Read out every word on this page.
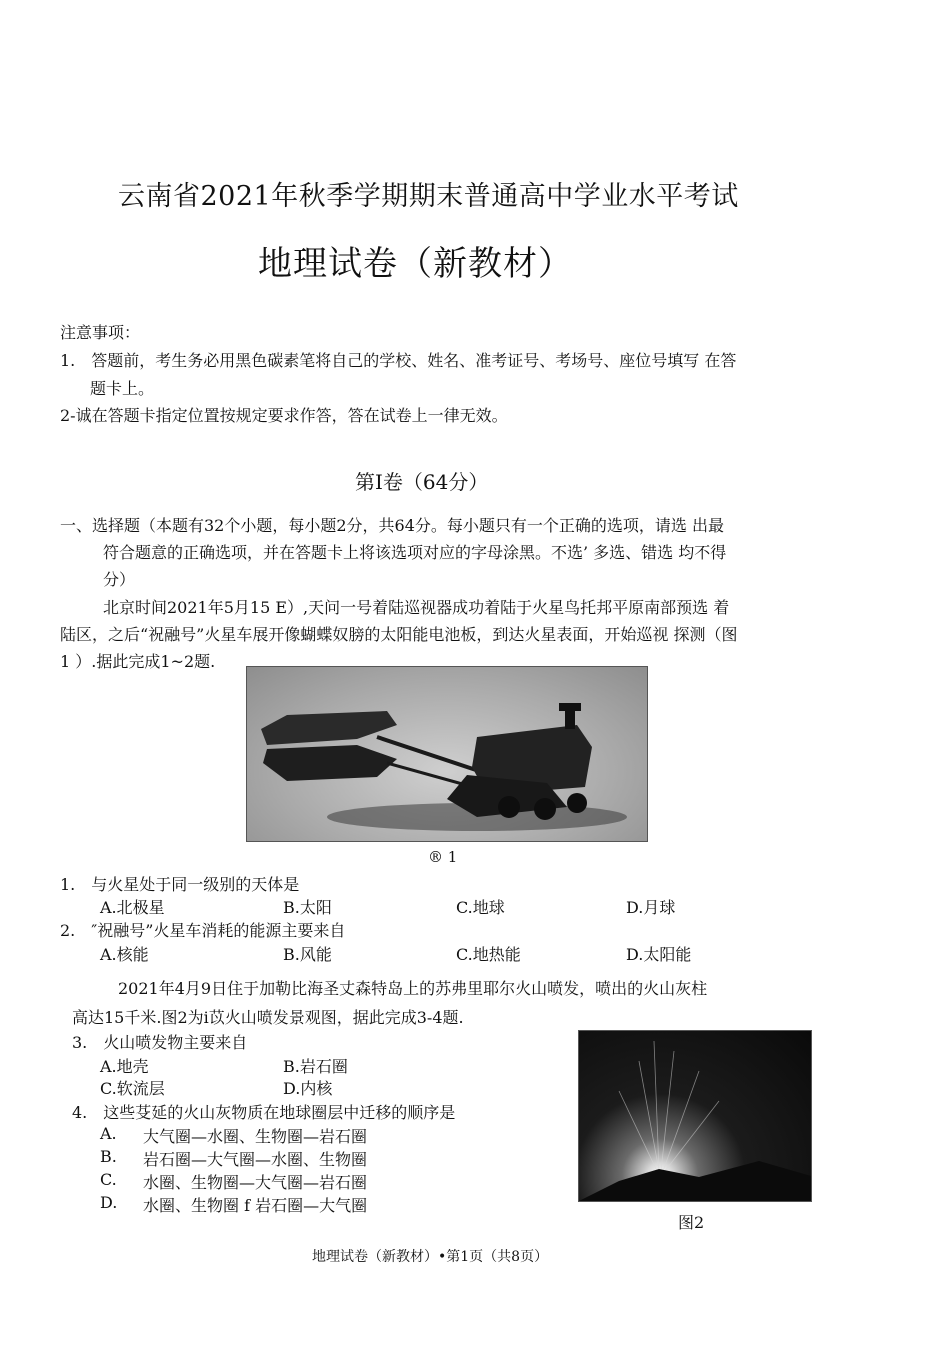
云南省2021年秋季学期期末普通高中学业水平考试
地理试卷（新教材）
注意事项：
1.　答题前，考生务必用黑色碳素笔将自己的学校、姓名、准考证号、考场号、座位号填写 在答
题卡上。
2-诚在答题卡指定位置按规定要求作答，答在试卷上一律无效。
第I卷（64分）
一、选择题（本题有32个小题，每小题2分，共64分。每小题只有一个正确的选项，请选 出最
符合题意的正确选项，并在答题卡上将该选项对应的字母涂黑。不选’ 多选、错选 均不得
分）
北京时间2021年5月15 E）,天问一号着陆巡视器成功着陆于火星鸟托邦平原南部预选 着
陆区，之后“祝融号”火星车展开像蝴蝶奴膀的太阳能电池板，到达火星表面，开始巡视 探测（图
1 ）.据此完成1~2题.
® 1
1.　与火星处于同一级别的天体是
A.北极星	B.太阳	C.地球	D.月球
2.　″祝融号”火星车消耗的能源主要来自
A.核能	B.风能	C.地热能	D.太阳能
2021年4月9日住于加勒比海圣丈森特岛上的苏弗里耶尔火山喷发，喷出的火山灰柱
高达15千米.图2为i苡火山喷发景观图，据此完成3-4题.
3.　火山喷发物主要来自
A.地壳	B.岩石圈
C.软流层	D.内核
4.　这些芟延的火山灰物质在地球圈层中迁移的顺序是
A. 大气圈—水圈、生物圈—岩石圈
B. 岩石圈—大气圈—水圈、生物圈
C. 水圈、生物圈—大气圈—岩石圈
D. 水圈、生物圈 f 岩石圈—大气圈
图2
地理试卷（新教材）•第1页（共8页）
